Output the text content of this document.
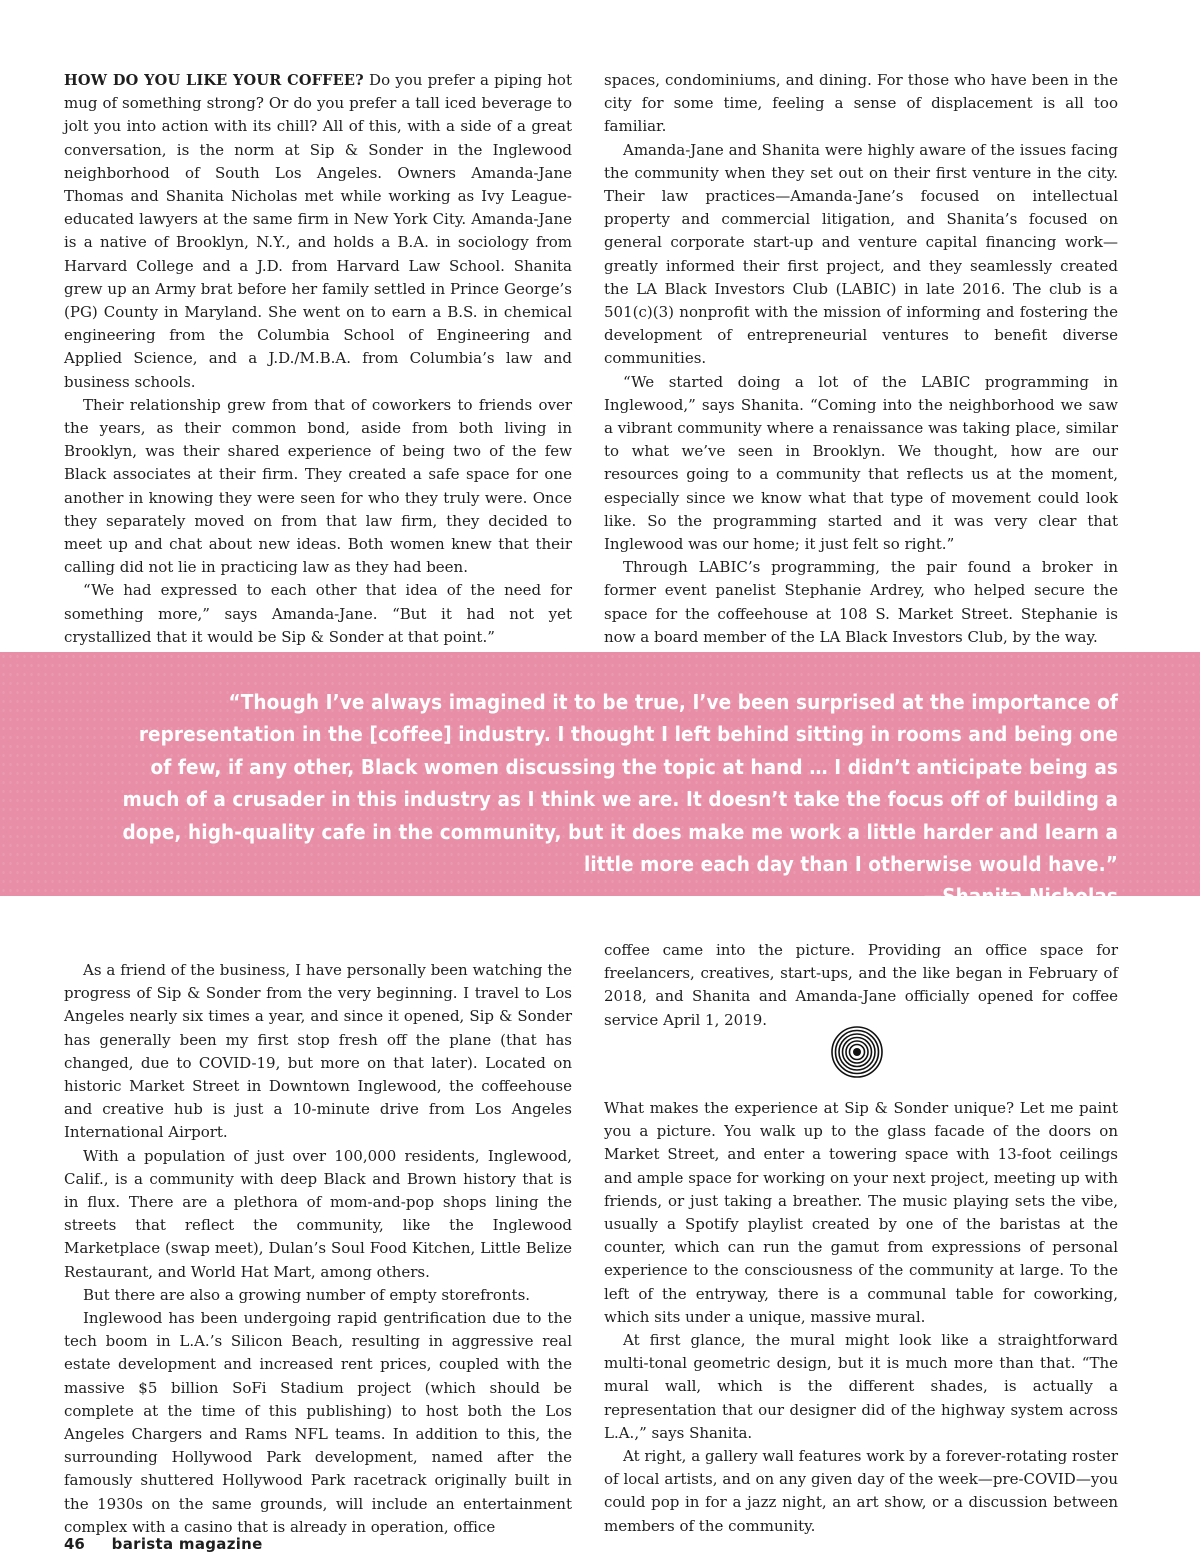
HOW DO YOU LIKE YOUR COFFEE? Do you prefer a piping hot mug of something strong? Or do you prefer a tall iced beverage to jolt you into action with its chill? All of this, with a side of a great conversation, is the norm at Sip & Sonder in the Inglewood neighborhood of South Los Angeles. Owners Amanda-Jane Thomas and Shanita Nicholas met while working as Ivy League-educated lawyers at the same firm in New York City. Amanda-Jane is a native of Brooklyn, N.Y., and holds a B.A. in sociology from Harvard College and a J.D. from Harvard Law School. Shanita grew up an Army brat before her family settled in Prince George’s (PG) County in Maryland. She went on to earn a B.S. in chemical engineering from the Columbia School of Engineering and Applied Science, and a J.D./M.B.A. from Columbia’s law and business schools.

Their relationship grew from that of coworkers to friends over the years, as their common bond, aside from both living in Brooklyn, was their shared experience of being two of the few Black associates at their firm. They created a safe space for one another in knowing they were seen for who they truly were. Once they separately moved on from that law firm, they decided to meet up and chat about new ideas. Both women knew that their calling did not lie in practicing law as they had been.

“We had expressed to each other that idea of the need for something more,” says Amanda-Jane. “But it had not yet crystallized that it would be Sip & Sonder at that point.”

spaces, condominiums, and dining. For those who have been in the city for some time, feeling a sense of displacement is all too familiar.

Amanda-Jane and Shanita were highly aware of the issues facing the community when they set out on their first venture in the city. Their law practices—Amanda-Jane’s focused on intellectual property and commercial litigation, and Shanita’s focused on general corporate start-up and venture capital financing work—greatly informed their first project, and they seamlessly created the LA Black Investors Club (LABIC) in late 2016. The club is a 501(c)(3) nonprofit with the mission of informing and fostering the development of entrepreneurial ventures to benefit diverse communities.

“We started doing a lot of the LABIC programming in Inglewood,” says Shanita. “Coming into the neighborhood we saw a vibrant community where a renaissance was taking place, similar to what we’ve seen in Brooklyn. We thought, how are our resources going to a community that reflects us at the moment, especially since we know what that type of movement could look like. So the programming started and it was very clear that Inglewood was our home; it just felt so right.”

Through LABIC’s programming, the pair found a broker in former event panelist Stephanie Ardrey, who helped secure the space for the coffeehouse at 108 S. Market Street. Stephanie is now a board member of the LA Black Investors Club, by the way.

“Though I’ve always imagined it to be true, I’ve been surprised at the importance of representation in the [coffee] industry. I thought I left behind sitting in rooms and being one of few, if any other, Black women discussing the topic at hand … I didn’t anticipate being as much of a crusader in this industry as I think we are. It doesn’t take the focus off of building a dope, high-quality cafe in the community, but it does make me work a little harder and learn a little more each day than I otherwise would have.”
—Shanita Nicholas

As a friend of the business, I have personally been watching the progress of Sip & Sonder from the very beginning. I travel to Los Angeles nearly six times a year, and since it opened, Sip & Sonder has generally been my first stop fresh off the plane (that has changed, due to COVID-19, but more on that later). Located on historic Market Street in Downtown Inglewood, the coffeehouse and creative hub is just a 10-minute drive from Los Angeles International Airport.

With a population of just over 100,000 residents, Inglewood, Calif., is a community with deep Black and Brown history that is in flux. There are a plethora of mom-and-pop shops lining the streets that reflect the community, like the Inglewood Marketplace (swap meet), Dulan’s Soul Food Kitchen, Little Belize Restaurant, and World Hat Mart, among others.

But there are also a growing number of empty storefronts.

Inglewood has been undergoing rapid gentrification due to the tech boom in L.A.’s Silicon Beach, resulting in aggressive real estate development and increased rent prices, coupled with the massive $5 billion SoFi Stadium project (which should be complete at the time of this publishing) to host both the Los Angeles Chargers and Rams NFL teams. In addition to this, the surrounding Hollywood Park development, named after the famously shuttered Hollywood Park racetrack originally built in the 1930s on the same grounds, will include an entertainment complex with a casino that is already in operation, office

coffee came into the picture. Providing an office space for freelancers, creatives, start-ups, and the like began in February of 2018, and Shanita and Amanda-Jane officially opened for coffee service April 1, 2019.

What makes the experience at Sip & Sonder unique? Let me paint you a picture. You walk up to the glass facade of the doors on Market Street, and enter a towering space with 13-foot ceilings and ample space for working on your next project, meeting up with friends, or just taking a breather. The music playing sets the vibe, usually a Spotify playlist created by one of the baristas at the counter, which can run the gamut from expressions of personal experience to the consciousness of the community at large. To the left of the entryway, there is a communal table for coworking, which sits under a unique, massive mural.

At first glance, the mural might look like a straightforward multi-tonal geometric design, but it is much more than that. “The mural wall, which is the different shades, is actually a representation that our designer did of the highway system across L.A.,” says Shanita.

At right, a gallery wall features work by a forever-rotating roster of local artists, and on any given day of the week—pre-COVID—you could pop in for a jazz night, an art show, or a discussion between members of the community.

46 barista magazine
